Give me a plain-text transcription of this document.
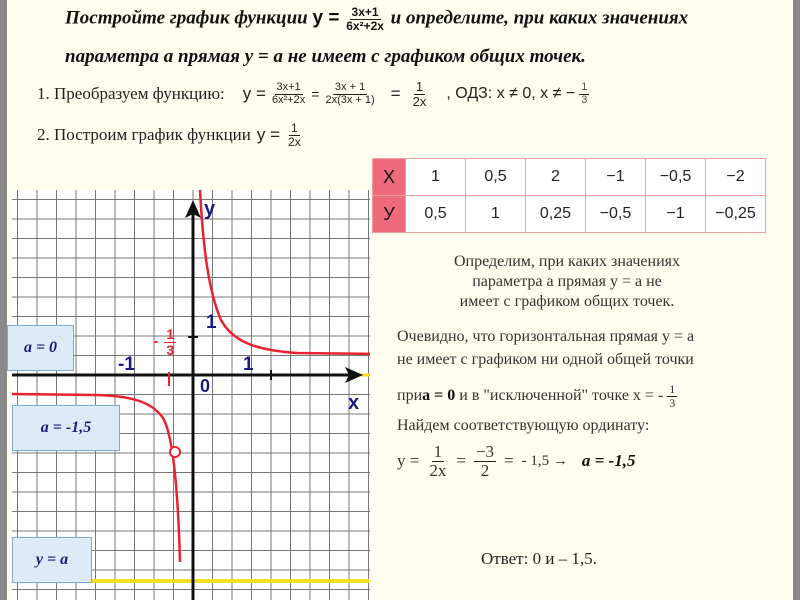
Постройте график функции $y = \frac{3x+1}{\text{6x²+2x}}$ и определите, при каких значениях
параметра а прямая у = а не имеет с графиком общих точек.
1. Преобразуем функцию: $y = \frac{3x+1}{\text{6x²+2x}} = \frac{3x + 1}{2x(3x + 1)} = \frac{1}{2x}$ , ОДЗ: x ≠ 0, x ≠ − $\frac{1}{3}$
2. Построим график функции $y = \frac{1}{2x}$
X	1	0,5	2	−1	−0,5	−2
У	0,5	1	0,25	−0,5	−1	−0,25
у
х
0
1
-1
1
- $\frac{1}{3}$
a = 0
a = -1,5
y = a
Определим, при каких значениях
параметра а прямая у = а не
имеет с графиком общих точек.
Очевидно, что горизонтальная прямая у = а
не имеет с графиком ни одной общей точки
при а = 0 и в "исключенной" точке х = - $\frac{1}{3}$
Найдем соответствующую ординату:
$у = \frac{1}{2x} = \frac{-3}{2}$ = - 1,5 → a = -1,5
Ответ: 0 и – 1,5.
